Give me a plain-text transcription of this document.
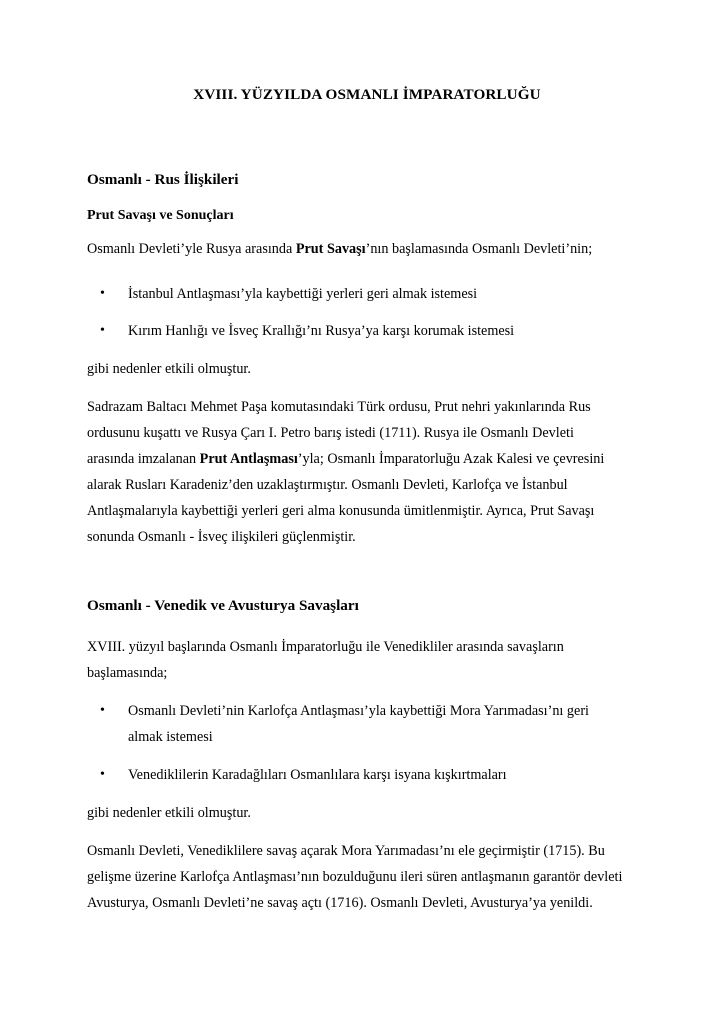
XVIII. YÜZYILDA OSMANLI İMPARATORLUĞU
Osmanlı - Rus İlişkileri
Prut Savaşı ve Sonuçları

Osmanlı Devleti’yle Rusya arasında Prut Savaşı’nın başlamasında Osmanlı Devleti’nin;

• İstanbul Antlaşması’yla kaybettiği yerleri geri almak istemesi
• Kırım Hanlığı ve İsveç Krallığı’nı Rusya’ya karşı korumak istemesi

gibi nedenler etkili olmuştur.

Sadrazam Baltacı Mehmet Paşa komutasındaki Türk ordusu, Prut nehri yakınlarında Rus
ordusunu kuşattı ve Rusya Çarı I. Petro barış istedi (1711). Rusya ile Osmanlı Devleti
arasında imzalanan Prut Antlaşması’yla; Osmanlı İmparatorluğu Azak Kalesi ve çevresini
alarak Rusları Karadeniz’den uzaklaştırmıştır. Osmanlı Devleti, Karlofça ve İstanbul
Antlaşmalarıyla kaybettiği yerleri geri alma konusunda ümitlenmiştir. Ayrıca, Prut Savaşı
sonunda Osmanlı - İsveç ilişkileri güçlenmiştir.
Osmanlı - Venedik ve Avusturya Savaşları
XVIII. yüzyıl başlarında Osmanlı İmparatorluğu ile Venedikliler arasında savaşların
başlamasında;
• Osmanlı Devleti’nin Karlofça Antlaşması’yla kaybettiği Mora Yarımadası’nı geri
almak istemesi
• Venediklilerin Karadağlıları Osmanlılara karşı isyana kışkırtmaları

gibi nedenler etkili olmuştur.

Osmanlı Devleti, Venediklilere savaş açarak Mora Yarımadası’nı ele geçirmiştir (1715). Bu
gelişme üzerine Karlofça Antlaşması’nın bozulduğunu ileri süren antlaşmanın garantör devleti
Avusturya, Osmanlı Devleti’ne savaş açtı (1716). Osmanlı Devleti, Avusturya’ya yenildi.
